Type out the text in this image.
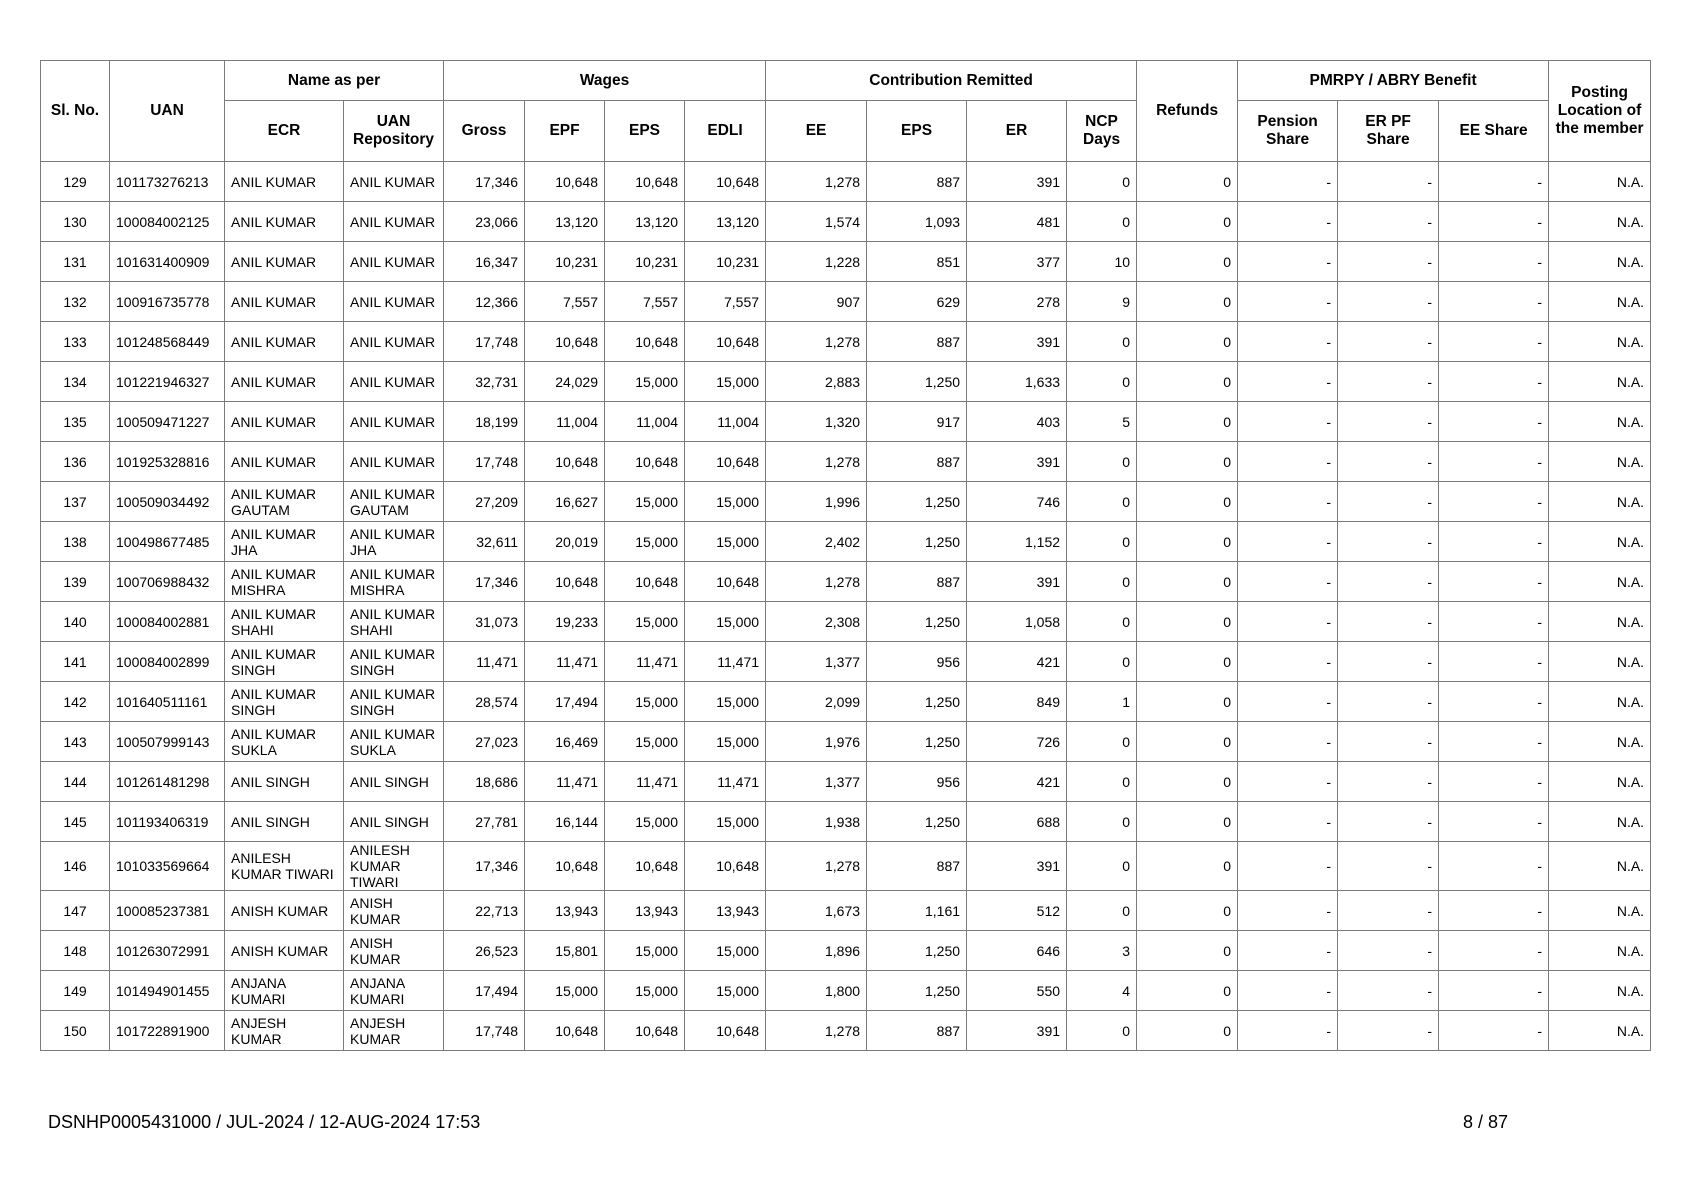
Sl. No.	UAN	Name as per		Wages				Contribution Remitted				Refunds	PMRPY / ABRY Benefit			Posting Location of the member
		ECR	UAN Repository	Gross	EPF	EPS	EDLI	EE	EPS	ER	NCP Days		Pension Share	ER PF Share	EE Share	
129	101173276213	ANIL KUMAR	ANIL KUMAR	17,346	10,648	10,648	10,648	1,278	887	391	0	0	-	-	-	N.A.
130	100084002125	ANIL KUMAR	ANIL KUMAR	23,066	13,120	13,120	13,120	1,574	1,093	481	0	0	-	-	-	N.A.
131	101631400909	ANIL KUMAR	ANIL KUMAR	16,347	10,231	10,231	10,231	1,228	851	377	10	0	-	-	-	N.A.
132	100916735778	ANIL KUMAR	ANIL KUMAR	12,366	7,557	7,557	7,557	907	629	278	9	0	-	-	-	N.A.
133	101248568449	ANIL KUMAR	ANIL KUMAR	17,748	10,648	10,648	10,648	1,278	887	391	0	0	-	-	-	N.A.
134	101221946327	ANIL KUMAR	ANIL KUMAR	32,731	24,029	15,000	15,000	2,883	1,250	1,633	0	0	-	-	-	N.A.
135	100509471227	ANIL KUMAR	ANIL KUMAR	18,199	11,004	11,004	11,004	1,320	917	403	5	0	-	-	-	N.A.
136	101925328816	ANIL KUMAR	ANIL KUMAR	17,748	10,648	10,648	10,648	1,278	887	391	0	0	-	-	-	N.A.
137	100509034492	ANIL KUMAR GAUTAM	ANIL KUMAR GAUTAM	27,209	16,627	15,000	15,000	1,996	1,250	746	0	0	-	-	-	N.A.
138	100498677485	ANIL KUMAR JHA	ANIL KUMAR JHA	32,611	20,019	15,000	15,000	2,402	1,250	1,152	0	0	-	-	-	N.A.
139	100706988432	ANIL KUMAR MISHRA	ANIL KUMAR MISHRA	17,346	10,648	10,648	10,648	1,278	887	391	0	0	-	-	-	N.A.
140	100084002881	ANIL KUMAR SHAHI	ANIL KUMAR SHAHI	31,073	19,233	15,000	15,000	2,308	1,250	1,058	0	0	-	-	-	N.A.
141	100084002899	ANIL KUMAR SINGH	ANIL KUMAR SINGH	11,471	11,471	11,471	11,471	1,377	956	421	0	0	-	-	-	N.A.
142	101640511161	ANIL KUMAR SINGH	ANIL KUMAR SINGH	28,574	17,494	15,000	15,000	2,099	1,250	849	1	0	-	-	-	N.A.
143	100507999143	ANIL KUMAR SUKLA	ANIL KUMAR SUKLA	27,023	16,469	15,000	15,000	1,976	1,250	726	0	0	-	-	-	N.A.
144	101261481298	ANIL SINGH	ANIL SINGH	18,686	11,471	11,471	11,471	1,377	956	421	0	0	-	-	-	N.A.
145	101193406319	ANIL SINGH	ANIL SINGH	27,781	16,144	15,000	15,000	1,938	1,250	688	0	0	-	-	-	N.A.
146	101033569664	ANILESH KUMAR TIWARI	ANILESH KUMAR TIWARI	17,346	10,648	10,648	10,648	1,278	887	391	0	0	-	-	-	N.A.
147	100085237381	ANISH KUMAR	ANISH KUMAR	22,713	13,943	13,943	13,943	1,673	1,161	512	0	0	-	-	-	N.A.
148	101263072991	ANISH KUMAR	ANISH KUMAR	26,523	15,801	15,000	15,000	1,896	1,250	646	3	0	-	-	-	N.A.
149	101494901455	ANJANA KUMARI	ANJANA KUMARI	17,494	15,000	15,000	15,000	1,800	1,250	550	4	0	-	-	-	N.A.
150	101722891900	ANJESH KUMAR	ANJESH KUMAR	17,748	10,648	10,648	10,648	1,278	887	391	0	0	-	-	-	N.A.
DSNHP0005431000 / JUL-2024 / 12-AUG-2024 17:53	8 / 87
